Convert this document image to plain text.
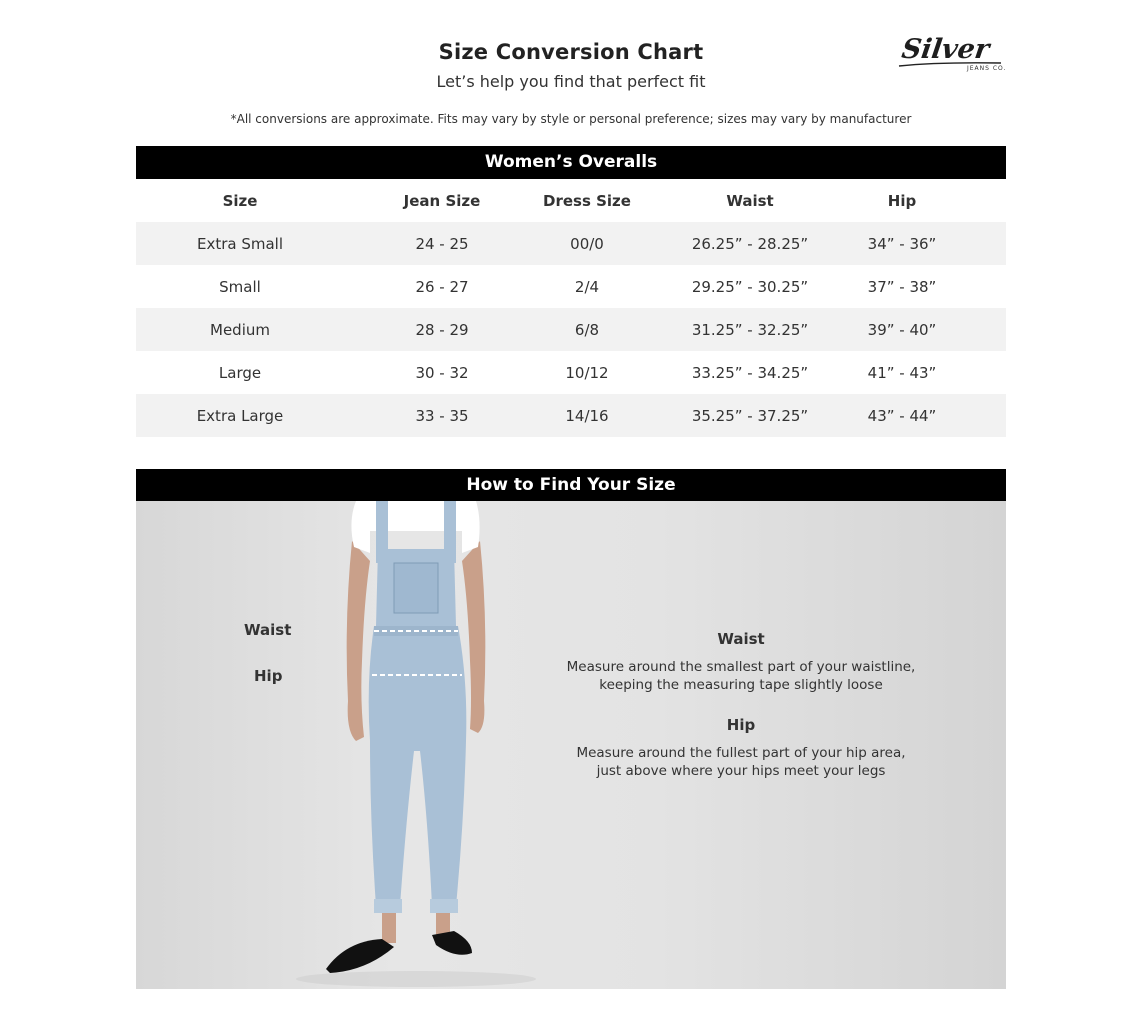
Size Conversion Chart
Let’s help you find that perfect fit
*All conversions are approximate. Fits may vary by style or personal preference; sizes may vary by manufacturer
Silver
JEANS CO.
Women’s Overalls
Size	Jean Size	Dress Size	Waist	Hip	
Extra Small	24 - 25	00/0	26.25” - 28.25”	34” - 36”	
Small	26 - 27	2/4	29.25” - 30.25”	37” - 38”	
Medium	28 - 29	6/8	31.25” - 32.25”	39” - 40”	
Large	30 - 32	10/12	33.25” - 34.25”	41” - 43”	
Extra Large	33 - 35	14/16	35.25” - 37.25”	43” - 44”	
How to Find Your Size
Waist
Hip
Waist
Measure around the smallest part of your waistline,
keeping the measuring tape slightly loose
Hip
Measure around the fullest part of your hip area,
just above where your hips meet your legs
